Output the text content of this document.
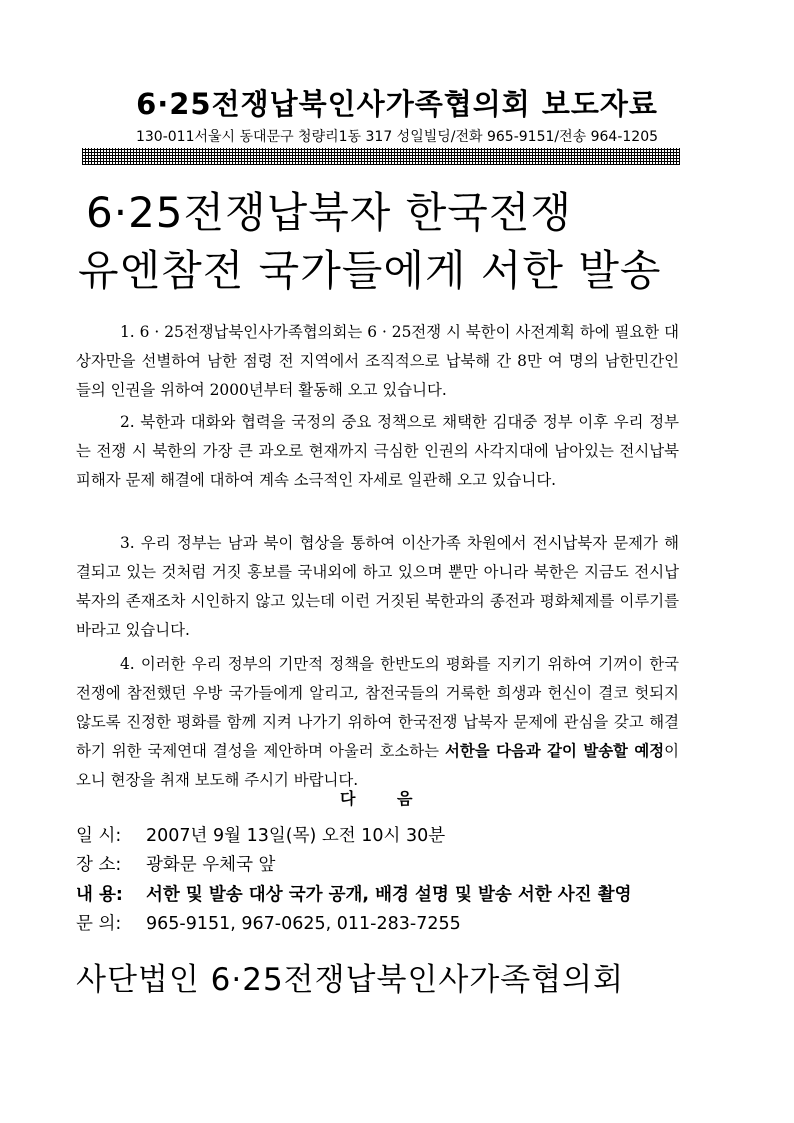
6·25전쟁납북인사가족협의회 보도자료
130-011서울시 동대문구 청량리1동 317 성일빌딩/전화 965-9151/전송 964-1205
6·25전쟁납북자 한국전쟁
유엔참전 국가들에게 서한 발송

1. 6 · 25전쟁납북인사가족협의회는 6 · 25전쟁 시 북한이 사전계획 하에 필요한 대상자만을 선별하여 남한 점령 전 지역에서 조직적으로 납북해 간 8만 여 명의 남한민간인들의 인권을 위하여 2000년부터 활동해 오고 있습니다.

2. 북한과 대화와 협력을 국정의 중요 정책으로 채택한 김대중 정부 이후 우리 정부는 전쟁 시 북한의 가장 큰 과오로 현재까지 극심한 인권의 사각지대에 남아있는 전시납북피해자 문제 해결에 대하여 계속 소극적인 자세로 일관해 오고 있습니다.

3. 우리 정부는 남과 북이 협상을 통하여 이산가족 차원에서 전시납북자 문제가 해결되고 있는 것처럼 거짓 홍보를 국내외에 하고 있으며 뿐만 아니라 북한은 지금도 전시납북자의 존재조차 시인하지 않고 있는데 이런 거짓된 북한과의 종전과 평화체제를 이루기를 바라고 있습니다.

4. 이러한 우리 정부의 기만적 정책을 한반도의 평화를 지키기 위하여 기꺼이 한국전쟁에 참전했던 우방 국가들에게 알리고, 참전국들의 거룩한 희생과 헌신이 결코 헛되지 않도록 진정한 평화를 함께 지켜 나가기 위하여 한국전쟁 납북자 문제에 관심을 갖고 해결하기 위한 국제연대 결성을 제안하며 아울러 호소하는 서한을 다음과 같이 발송할 예정이오니 현장을 취재 보도해 주시기 바랍니다.

다 음
일 시: 2007년 9월 13일(목) 오전 10시 30분
장 소: 광화문 우체국 앞
내 용: 서한 및 발송 대상 국가 공개, 배경 설명 및 발송 서한 사진 촬영
문 의: 965-9151, 967-0625, 011-283-7255
사단법인 6·25전쟁납북인사가족협의회
